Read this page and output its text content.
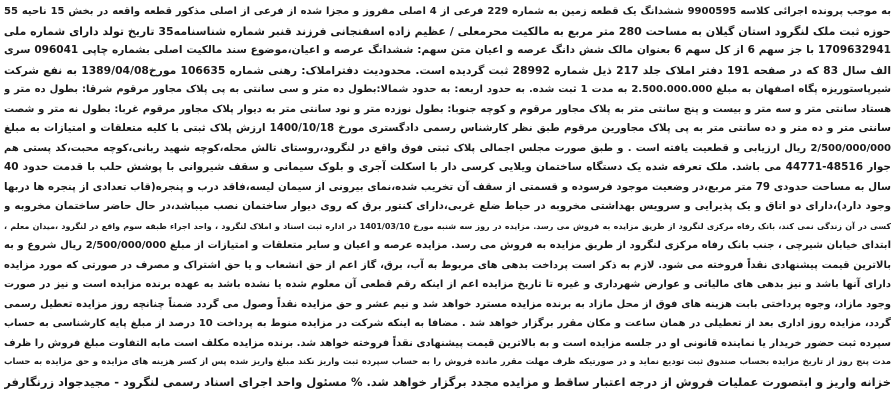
به موجب پرونده اجرائی کلاسه 9900595 ششدانگ یک قطعه زمین به شماره 229 فرعی از 4 اصلی مفروز و مجزا شده از فرعی از اصلی مذکور قطعه واقعه در بخش 15 ناحیه 55
حوزه ثبت ملک لنگرود استان گیلان به مساحت 280 متر مربع به مالکیت محرمعلی / عظیم زاده اسفنجانی فرزند قنبر شماره شناسنامه35 تاریخ تولد دارای شماره ملی
1709632941 با جز سهم 6 از کل سهم 6 بعنوان مالک شش دانگ عرصه و اعیان متن سهم: ششدانگ عرصه و اعیان،موضوع سند مالکیت اصلی بشماره چاپی 096041 سری
الف سال 83 که در صفحه 191 دفتر املاک جلد 217 ذیل شماره 28992 ثبت گردیده است. محدودیت دفتراملاک: رهنی شماره 106635 مورخ1389/04/08 به نفع شرکت
شیرپاستوریزه پگاه اصفهان به مبلغ 2.500.000.000 به مدت 1 ثبت شده. به حدود اربعه: به حدود شمالا:بطول ده متر و سی سانتی به پی پلاک مجاور مرقوم شرقا: بطول ده متر و
هستاد سانتی متر و سه متر و بیست و پنج سانتی متر به پلاک مجاور مرقوم و کوچه جنوبا: بطول نوزده متر و نود سانتی متر به دیوار پلاک مجاور مرقوم غربا: بطول نه متر و شصت
سانتی متر و ده متر و ده سانتی متر به پی پلاک مجاورین مرقوم طبق نظر کارشناس رسمی دادگستری مورخ 1400/10/18 ارزش پلاک ثبتی با کلیه متعلقات و امتیازات به مبلغ
2/500/000/000 ریال ارزیابی و قطعیت یافته است . و طبق صورت مجلس اجمالی پلاک ثبتی فوق واقع در لنگرود،روستای تالش محله،کوچه شهید ربانی،کوچه محبت،کد پستی هم
جوار 48516-44771 می باشد. ملک تعرفه شده یک دستگاه ساختمان ویلایی کرسی دار با اسکلت آجری و بلوک سیمانی و سقف شیروانی با پوشش حلب با قدمت حدود 40
سال به مساحت حدودی 79 متر مربع،در وضعیت موجود فرسوده و قسمتی از سقف آن تخریب شده،نمای بیرونی از سیمان لیسه،فاقد درب و پنجره(قاب تعدادی از پنجره ها دربها
وجود دارد)،دارای دو اتاق و یک پذیرایی و سرویس بهداشتی مخروبه در حیاط ضلع غربی،دارای کنتور برق که روی دیوار ساختمان نصب میباشد،در حال حاضر ساختمان مخروبه و
کسی در آن زندگی نمی کند، بانک رفاه مرکزی لنگرود از طریق مزایده به فروش می رسد. مزایده در روز سه شنبه مورخ 1401/03/10 در اداره ثبت اسناد و املاک لنگرود ، واحد اجراء طبقه سوم واقع در لنگرود ،میدان معلم ،
ابتدای خیابان شیرچی ، جنب بانک رفاه مرکزی لنگرود از طریق مزایده به فروش می رسد. مزایده عرصه و اعیان و سایر متعلقات و امتیازات از مبلغ 2/500/000/000 ریال شروع و به
بالاترین قیمت پیشنهادی نقداً فروخته می شود. لازم به ذکر است پرداخت بدهی های مربوط به آب، برق، گاز اعم از حق انشعاب و یا حق اشتراک و مصرف در صورتی که مورد مزایده
دارای آنها باشد و نیز بدهی های مالیاتی و عوارض شهرداری و غیره تا تاریخ مزایده اعم از اینکه رقم قطعی آن معلوم شده یا نشده باشد به عهده برنده مزایده است و نیز در صورت
وجود مازاد، وجوه پرداختی بابت هزینه های فوق از محل مازاد به برنده مزایده مسترد خواهد شد و نیم عشر و حق مزایده نقداً وصول می گردد ضمناً چنانچه روز مزایده تعطیل رسمی
گردد، مزایده روز اداری بعد از تعطیلی در همان ساعت و مکان مقرر برگزار خواهد شد . مضافا به اینکه شرکت در مزایده منوط به پرداخت 10 درصد از مبلغ پایه کارشناسی به حساب
سپرده ثبت حضور خریدار یا نماینده قانونی او در جلسه مزایده است و به بالاترین قیمت پیشنهادی نقداً فروخته خواهد شد. برنده مزایده مکلف است مابه التفاوت مبلغ فروش را ظرف
مدت پنج روز از تاریخ مزایده بحساب صندوق ثبت تودیع نماید و در صورتیکه ظرف مهلت مقرر مانده فروش را به حساب سپرده ثبت واریز نکند مبلغ واریز شده پس از کسر هزینه های مزایده و حق مزایده به حساب
خزانه واریز و ابتصورت عملیات فروش از درجه اعتبار ساقط و مزایده مجدد برگزار خواهد شد. % مسئول واحد اجرای اسناد رسمی لنگرود - مجیدجواد زرنگارفر
